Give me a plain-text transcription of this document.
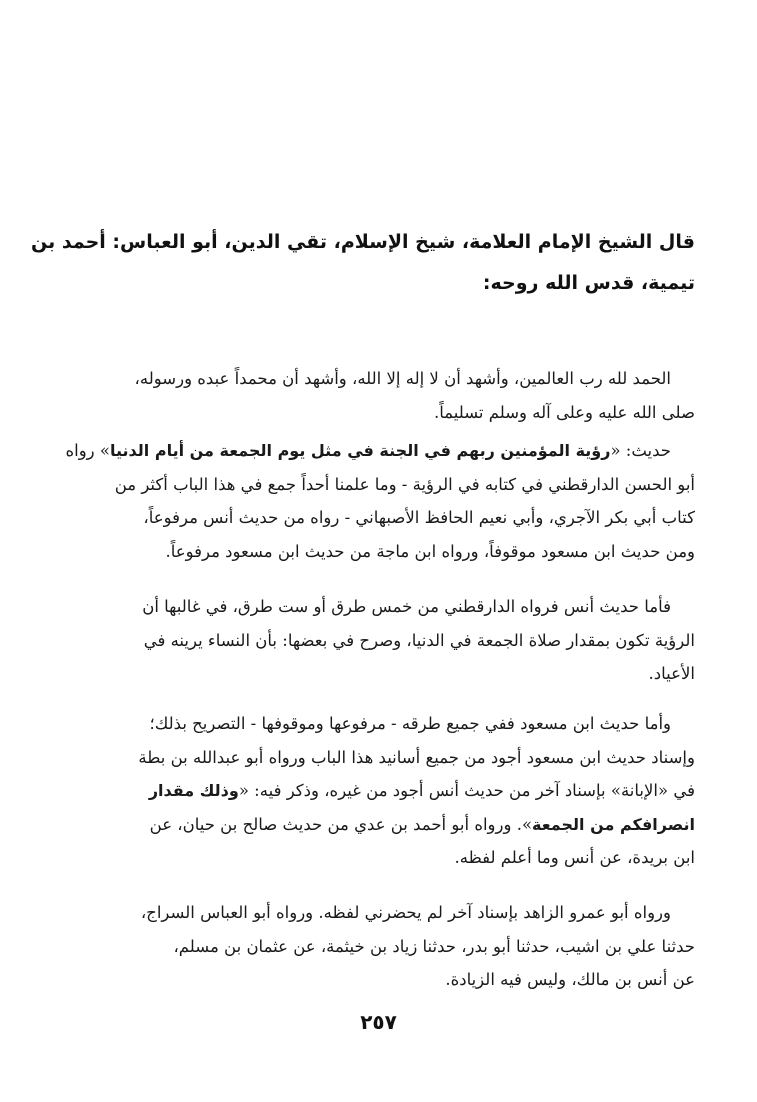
قال الشيخ الإمام العلامة، شيخ الإسلام، تقي الدين، أبو العباس: أحمد بن
تيمية، قدس الله روحه:
الحمد لله رب العالمين، وأشهد أن لا إله إلا الله، وأشهد أن محمداً عبده ورسوله،
صلى الله عليه وعلى آله وسلم تسليماً.
حديث: «رؤية المؤمنين ربهم في الجنة في مثل يوم الجمعة من أيام الدنيا» رواه
أبو الحسن الدارقطني في كتابه في الرؤية - وما علمنا أحداً جمع في هذا الباب أكثر من
كتاب أبي بكر الآجري، وأبي نعيم الحافظ الأصبهاني - رواه من حديث أنس مرفوعاً،
ومن حديث ابن مسعود موقوفاً، ورواه ابن ماجة من حديث ابن مسعود مرفوعاً.
فأما حديث أنس فرواه الدارقطني من خمس طرق أو ست طرق، في غالبها أن
الرؤية تكون بمقدار صلاة الجمعة في الدنيا، وصرح في بعضها: بأن النساء يرينه في
الأعياد.
وأما حديث ابن مسعود ففي جميع طرقه - مرفوعها وموقوفها - التصريح بذلك؛
وإسناد حديث ابن مسعود أجود من جميع أسانيد هذا الباب ورواه أبو عبدالله بن بطة
في «الإبانة» بإسناد آخر من حديث أنس أجود من غيره، وذكر فيه: «وذلك مقدار
انصرافكم من الجمعة». ورواه أبو أحمد بن عدي من حديث صالح بن حيان، عن
ابن بريدة، عن أنس وما أعلم لفظه.
ورواه أبو عمرو الزاهد بإسناد آخر لم يحضرني لفظه. ورواه أبو العباس السراج،
حدثنا علي بن اشيب، حدثنا أبو بدر، حدثنا زياد بن خيثمة، عن عثمان بن مسلم،
عن أنس بن مالك، وليس فيه الزيادة.
٢٥٧
